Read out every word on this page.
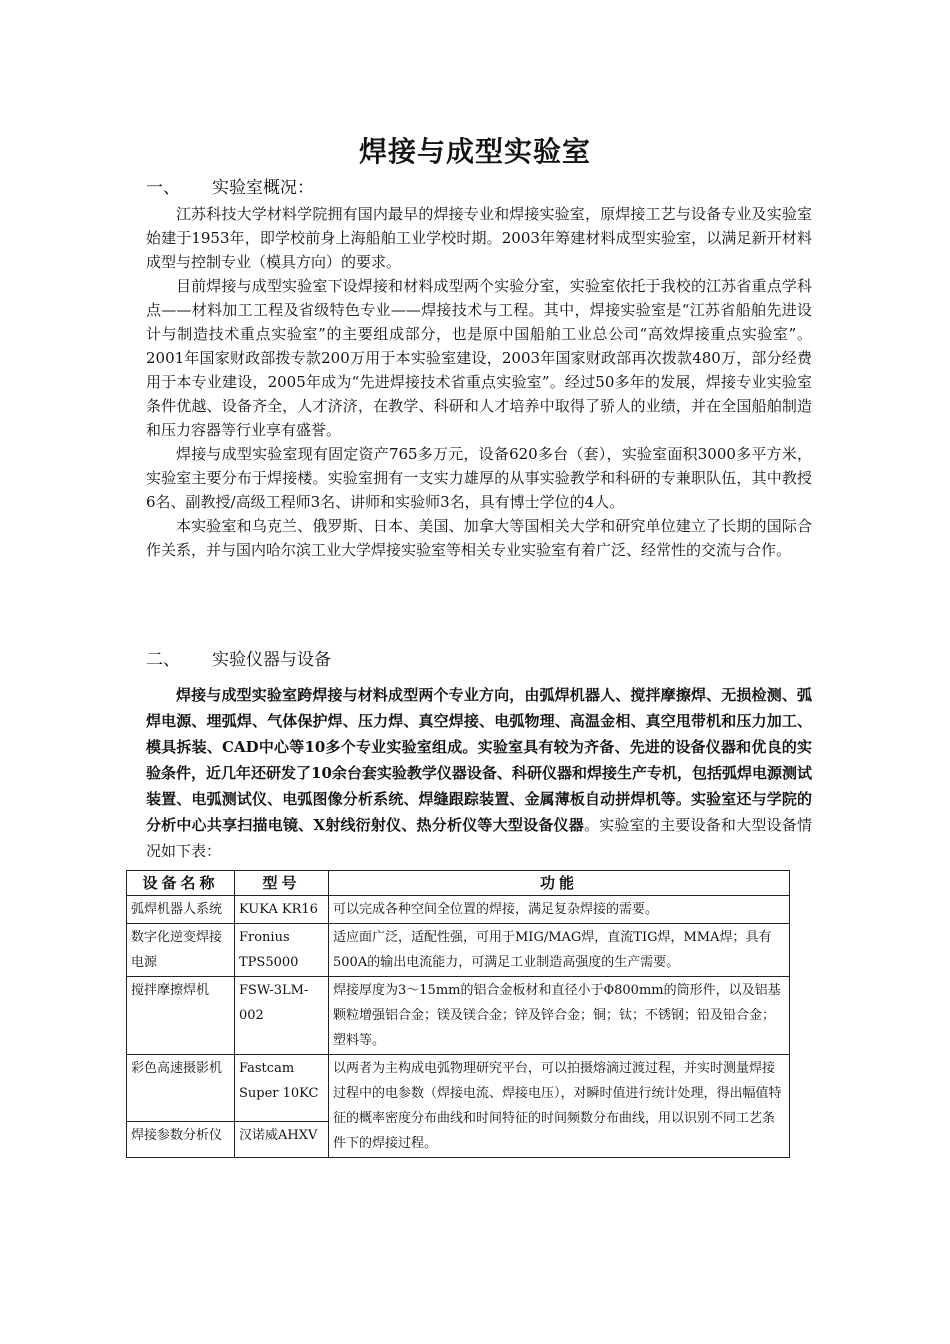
焊接与成型实验室
一、 实验室概况：

江苏科技大学材料学院拥有国内最早的焊接专业和焊接实验室，原焊接工艺与设备专业及实验室始建于1953年，即学校前身上海船舶工业学校时期。2003年筹建材料成型实验室，以满足新开材料成型与控制专业（模具方向）的要求。

目前焊接与成型实验室下设焊接和材料成型两个实验分室，实验室依托于我校的江苏省重点学科点——材料加工工程及省级特色专业——焊接技术与工程。其中，焊接实验室是“江苏省船舶先进设计与制造技术重点实验室”的主要组成部分，也是原中国船舶工业总公司“高效焊接重点实验室”。2001年国家财政部拨专款200万用于本实验室建设，2003年国家财政部再次拨款480万，部分经费用于本专业建设，2005年成为“先进焊接技术省重点实验室”。经过50多年的发展，焊接专业实验室条件优越、设备齐全，人才济济，在教学、科研和人才培养中取得了骄人的业绩，并在全国船舶制造和压力容器等行业享有盛誉。

焊接与成型实验室现有固定资产765多万元，设备620多台（套），实验室面积3000多平方米，实验室主要分布于焊接楼。实验室拥有一支实力雄厚的从事实验教学和科研的专兼职队伍，其中教授6名、副教授/高级工程师3名、讲师和实验师3名，具有博士学位的4人。

本实验室和乌克兰、俄罗斯、日本、美国、加拿大等国相关大学和研究单位建立了长期的国际合作关系，并与国内哈尔滨工业大学焊接实验室等相关专业实验室有着广泛、经常性的交流与合作。

二、 实验仪器与设备

焊接与成型实验室跨焊接与材料成型两个专业方向，由弧焊机器人、搅拌摩擦焊、无损检测、弧焊电源、埋弧焊、气体保护焊、压力焊、真空焊接、电弧物理、高温金相、真空甩带机和压力加工、模具拆装、CAD中心等10多个专业实验室组成。实验室具有较为齐备、先进的设备仪器和优良的实验条件，近几年还研发了10余台套实验教学仪器设备、科研仪器和焊接生产专机，包括弧焊电源测试装置、电弧测试仪、电弧图像分析系统、焊缝跟踪装置、金属薄板自动拼焊机等。实验室还与学院的分析中心共享扫描电镜、X射线衍射仪、热分析仪等大型设备仪器。实验室的主要设备和大型设备情况如下表：

设备名称	型号	功能
弧焊机器人系统	KUKA KR16	可以完成各种空间全位置的焊接，满足复杂焊接的需要。
数字化逆变焊接电源	Fronius TPS5000	适应面广泛，适配性强，可用于MIG/MAG焊，直流TIG焊，MMA焊；具有500A的输出电流能力，可满足工业制造高强度的生产需要。
搅拌摩擦焊机	FSW-3LM-002	焊接厚度为3～15mm的铝合金板材和直径小于Φ800mm的筒形件，以及铝基颗粒增强铝合金；镁及镁合金；锌及锌合金；铜；钛；不锈钢；铅及铅合金；塑料等。
彩色高速摄影机	Fastcam Super 10KC	以两者为主构成电弧物理研究平台，可以拍摄熔滴过渡过程，并实时测量焊接过程中的电参数（焊接电流、焊接电压），对瞬时值进行统计处理，得出幅值特征的概率密度分布曲线和时间特征的时间频数分布曲线，用以识别不同工艺条件下的焊接过程。
焊接参数分析仪	汉诺威AHXV	
